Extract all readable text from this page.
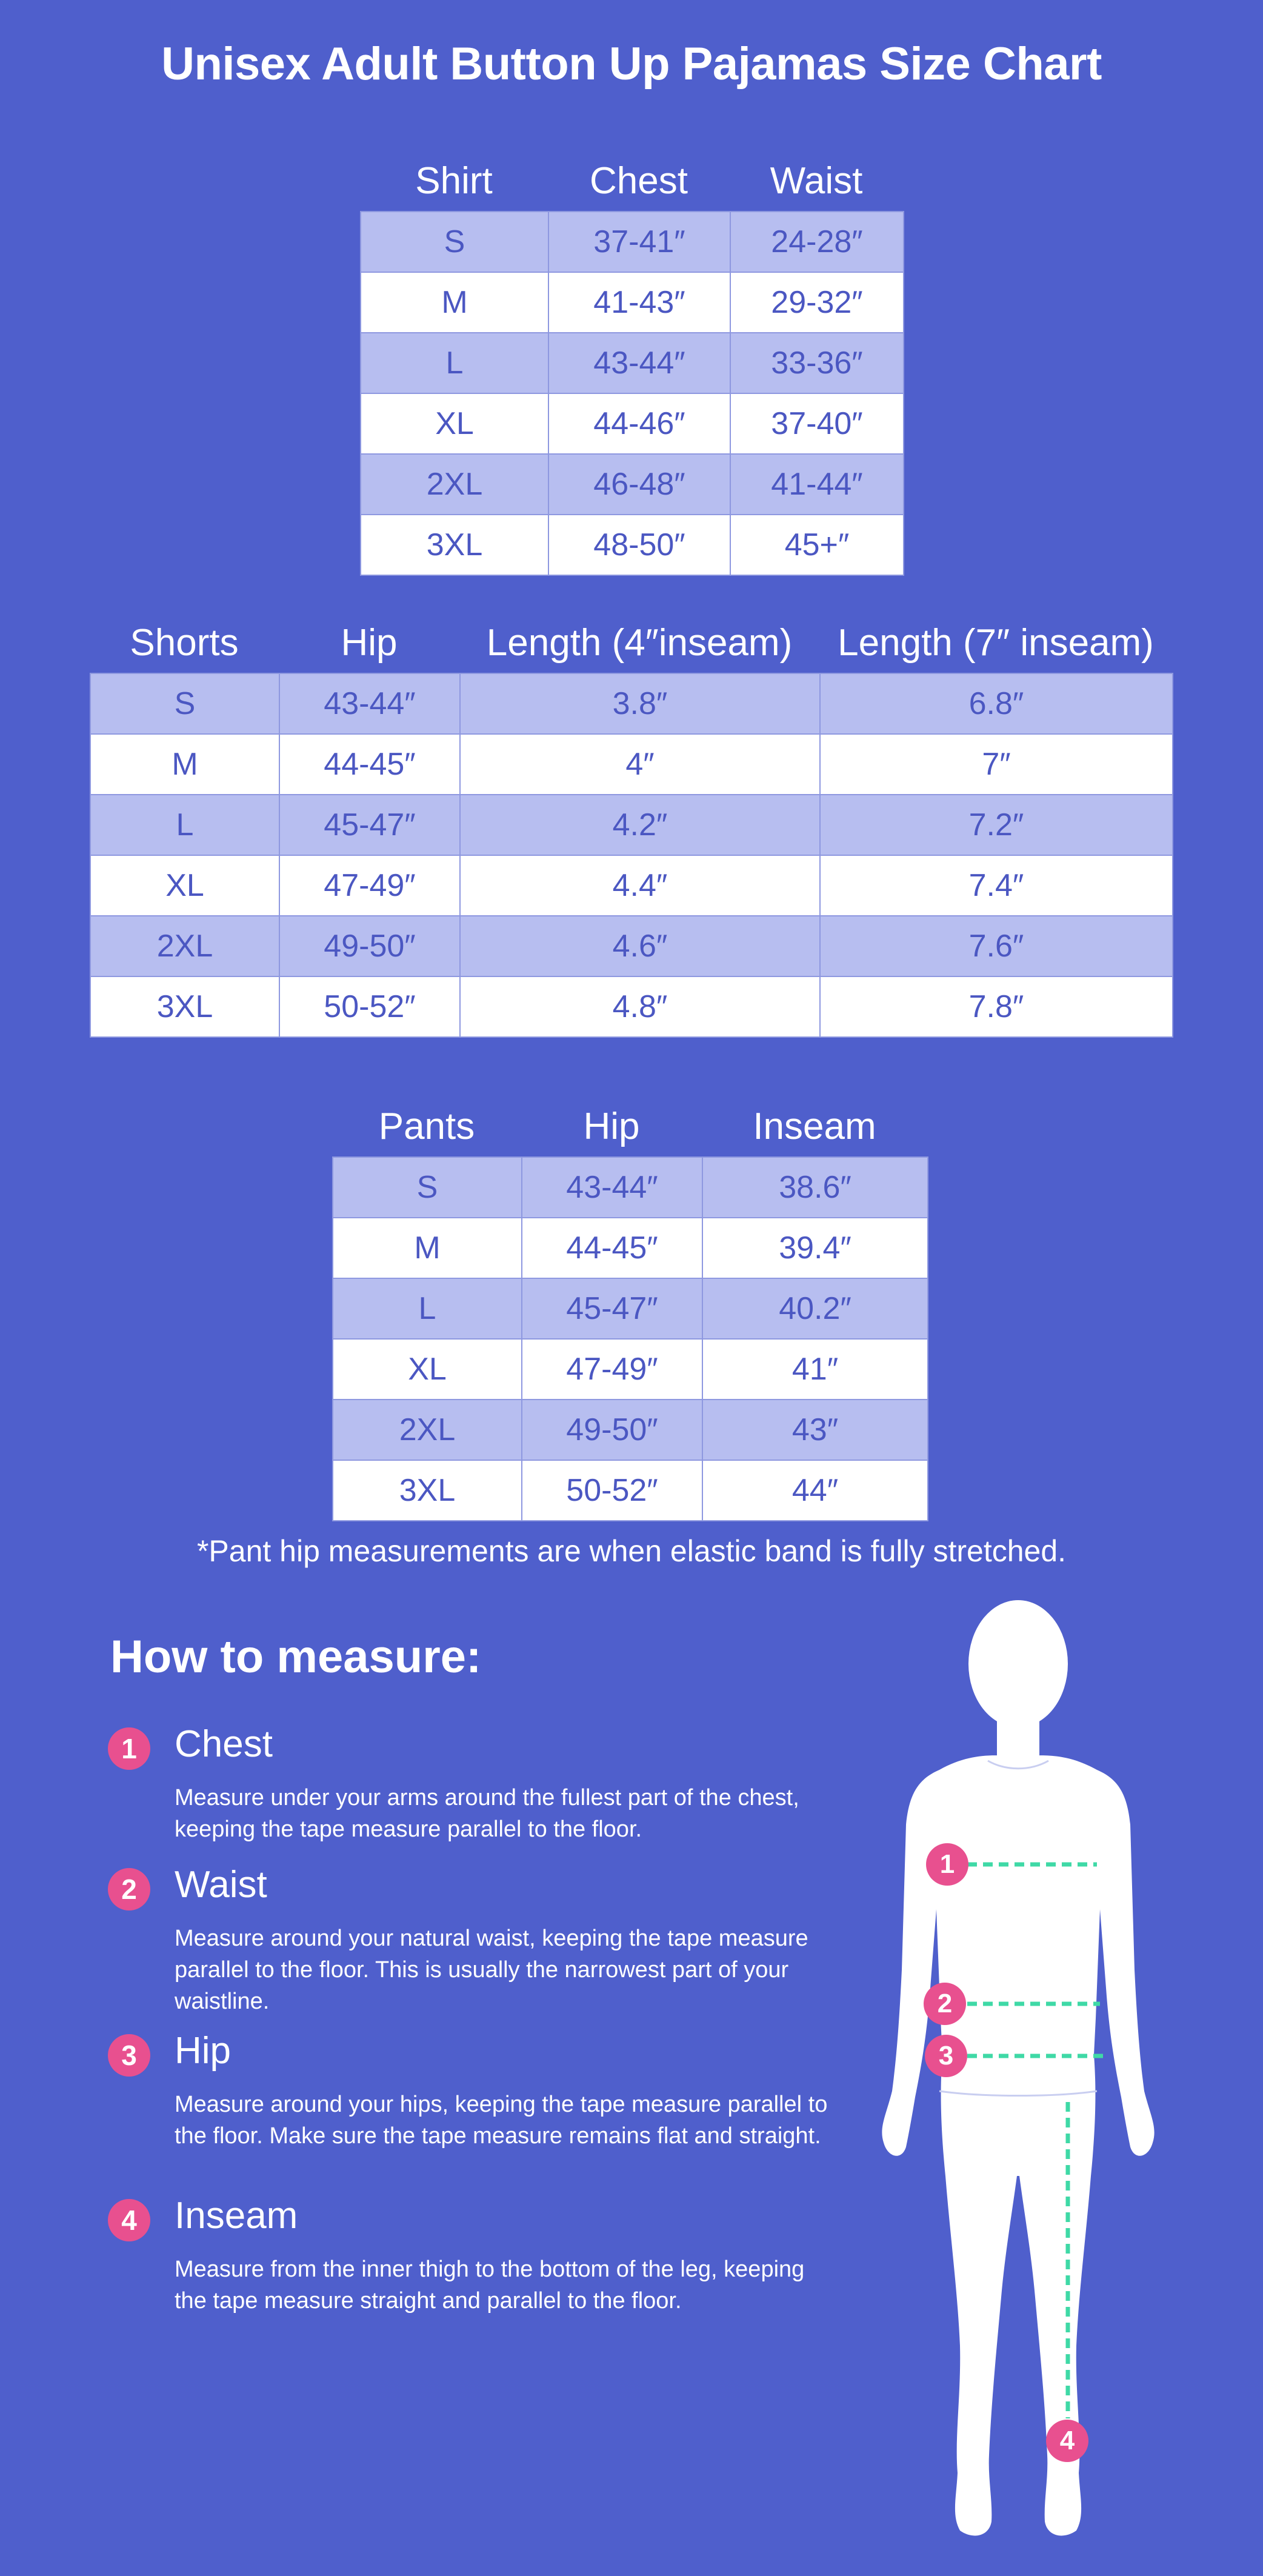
Unisex Adult Button Up Pajamas Size Chart
Shirt	Chest	Waist
S	37-41″	24-28″
M	41-43″	29-32″
L	43-44″	33-36″
XL	44-46″	37-40″
2XL	46-48″	41-44″
3XL	48-50″	45+″
Shorts	Hip	Length (4″inseam)	Length (7″ inseam)
S	43-44″	3.8″	6.8″
M	44-45″	4″	7″
L	45-47″	4.2″	7.2″
XL	47-49″	4.4″	7.4″
2XL	49-50″	4.6″	7.6″
3XL	50-52″	4.8″	7.8″
Pants	Hip	Inseam
S	43-44″	38.6″
M	44-45″	39.4″
L	45-47″	40.2″
XL	47-49″	41″
2XL	49-50″	43″
3XL	50-52″	44″
*Pant hip measurements are when elastic band is fully stretched.
How to measure:
1	Chest
Measure under your arms around the fullest part of the chest, keeping the tape measure parallel to the floor.
2	Waist
Measure around your natural waist, keeping the tape measure parallel to the floor. This is usually the narrowest part of your waistline.
3	Hip
Measure around your hips, keeping the tape measure parallel to the floor. Make sure the tape measure remains flat and straight.
4	Inseam
Measure from the inner thigh to the bottom of the leg, keeping the tape measure straight and parallel to the floor.
1
2
3
4
